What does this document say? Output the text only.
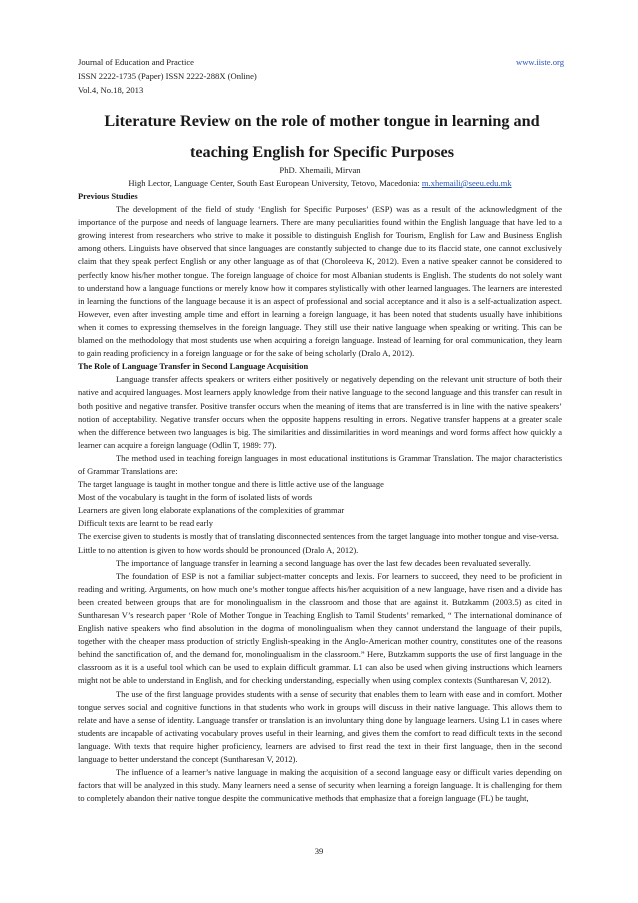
Journal of Education and Practice
ISSN 2222-1735 (Paper) ISSN 2222-288X (Online)
Vol.4, No.18, 2013
www.iiste.org
Literature Review on the role of mother tongue in learning and
teaching English for Specific Purposes
PhD. Xhemaili, Mirvan
High Lector, Language Center, South East European University, Tetovo, Macedonia: m.xhemaili@seeu.edu.mk

Previous Studies

The development of the field of study ‘English for Specific Purposes’ (ESP) was as a result of the acknowledgment of the importance of the purpose and needs of language learners. There are many peculiarities found within the English language that have led to a growing interest from researchers who strive to make it possible to distinguish English for Tourism, English for Law and Business English among others. Linguists have observed that since languages are constantly subjected to change due to its flaccid state, one cannot exclusively claim that they speak perfect English or any other language as of that (Choroleeva K, 2012). Even a native speaker cannot be considered to perfectly know his/her mother tongue. The foreign language of choice for most Albanian students is English. The students do not solely want to understand how a language functions or merely know how it compares stylistically with other learned languages. The learners are interested in learning the functions of the language because it is an aspect of professional and social acceptance and it also is a self-actualization aspect. However, even after investing ample time and effort in learning a foreign language, it has been noted that students usually have inhibitions when it comes to expressing themselves in the foreign language. They still use their native language when speaking or writing. This can be blamed on the methodology that most students use when acquiring a foreign language. Instead of learning for oral communication, they learn to gain reading proficiency in a foreign language or for the sake of being scholarly (Dralo A, 2012).

The Role of Language Transfer in Second Language Acquisition

Language transfer affects speakers or writers either positively or negatively depending on the relevant unit structure of both their native and acquired languages. Most learners apply knowledge from their native language to the second language and this transfer can result in both positive and negative transfer. Positive transfer occurs when the meaning of items that are transferred is in line with the native speakers’ notion of acceptability. Negative transfer occurs when the opposite happens resulting in errors. Negative transfer happens at a greater scale when the difference between two languages is big. The similarities and dissimilarities in word meanings and word forms affect how quickly a learner can acquire a foreign language (Odlin T, 1989: 77).

The method used in teaching foreign languages in most educational institutions is Grammar Translation. The major characteristics of Grammar Translations are:

The target language is taught in mother tongue and there is little active use of the language

Most of the vocabulary is taught in the form of isolated lists of words

Learners are given long elaborate explanations of the complexities of grammar

Difficult texts are learnt to be read early

The exercise given to students is mostly that of translating disconnected sentences from the target language into mother tongue and vise-versa.

Little to no attention is given to how words should be pronounced (Dralo A, 2012).

The importance of language transfer in learning a second language has over the last few decades been revaluated severally.

The foundation of ESP is not a familiar subject-matter concepts and lexis. For learners to succeed, they need to be proficient in reading and writing. Arguments, on how much one’s mother tongue affects his/her acquisition of a new language, have risen and a divide has been created between groups that are for monolingualism in the classroom and those that are against it. Butzkamm (2003.5) as cited in Suntharesan V’s research paper ‘Role of Mother Tongue in Teaching English to Tamil Students’ remarked, “ The international dominance of English native speakers who find absolution in the dogma of monolingualism when they cannot understand the language of their pupils, together with the cheaper mass production of strictly English-speaking in the Anglo-American mother country, constitutes one of the reasons behind the sanctification of, and the demand for, monolingualism in the classroom.” Here, Butzkamm supports the use of first language in the classroom as it is a useful tool which can be used to explain difficult grammar. L1 can also be used when giving instructions which learners might not be able to understand in English, and for checking understanding, especially when using complex contexts (Suntharesan V, 2012).

The use of the first language provides students with a sense of security that enables them to learn with ease and in comfort. Mother tongue serves social and cognitive functions in that students who work in groups will discuss in their native language. This allows them to relate and have a sense of identity. Language transfer or translation is an involuntary thing done by language learners. Using L1 in cases where students are incapable of activating vocabulary proves useful in their learning, and gives them the comfort to read difficult texts in the second language. With texts that require higher proficiency, learners are advised to first read the text in their first language, then in the second language to better understand the concept (Suntharesan V, 2012).

The influence of a learner’s native language in making the acquisition of a second language easy or difficult varies depending on factors that will be analyzed in this study. Many learners need a sense of security when learning a foreign language. It is challenging for them to completely abandon their native tongue despite the communicative methods that emphasize that a foreign language (FL) be taught,

39
